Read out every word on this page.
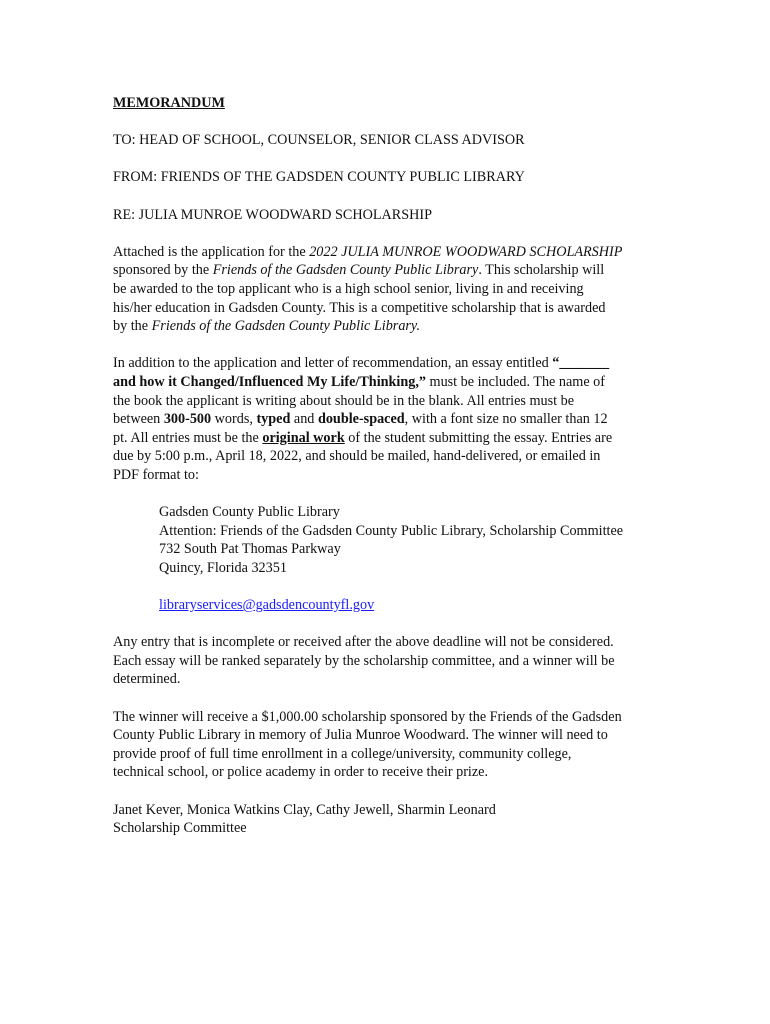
MEMORANDUM

TO: HEAD OF SCHOOL, COUNSELOR, SENIOR CLASS ADVISOR

FROM: FRIENDS OF THE GADSDEN COUNTY PUBLIC LIBRARY

RE: JULIA MUNROE WOODWARD SCHOLARSHIP

Attached is the application for the 2022 JULIA MUNROE WOODWARD SCHOLARSHIP
sponsored by the Friends of the Gadsden County Public Library. This scholarship will
be awarded to the top applicant who is a high school senior, living in and receiving
his/her education in Gadsden County. This is a competitive scholarship that is awarded
by the Friends of the Gadsden County Public Library.

In addition to the application and letter of recommendation, an essay entitled “_______
and how it Changed/Influenced My Life/Thinking,” must be included. The name of
the book the applicant is writing about should be in the blank. All entries must be
between 300-500 words, typed and double-spaced, with a font size no smaller than 12
pt. All entries must be the original work of the student submitting the essay. Entries are
due by 5:00 p.m., April 18, 2022, and should be mailed, hand-delivered, or emailed in
PDF format to:

Gadsden County Public Library
Attention: Friends of the Gadsden County Public Library, Scholarship Committee
732 South Pat Thomas Parkway
Quincy, Florida 32351
libraryservices@gadsdencountyfl.gov

Any entry that is incomplete or received after the above deadline will not be considered.
Each essay will be ranked separately by the scholarship committee, and a winner will be
determined.

The winner will receive a $1,000.00 scholarship sponsored by the Friends of the Gadsden
County Public Library in memory of Julia Munroe Woodward. The winner will need to
provide proof of full time enrollment in a college/university, community college,
technical school, or police academy in order to receive their prize.

Janet Kever, Monica Watkins Clay, Cathy Jewell, Sharmin Leonard
Scholarship Committee
